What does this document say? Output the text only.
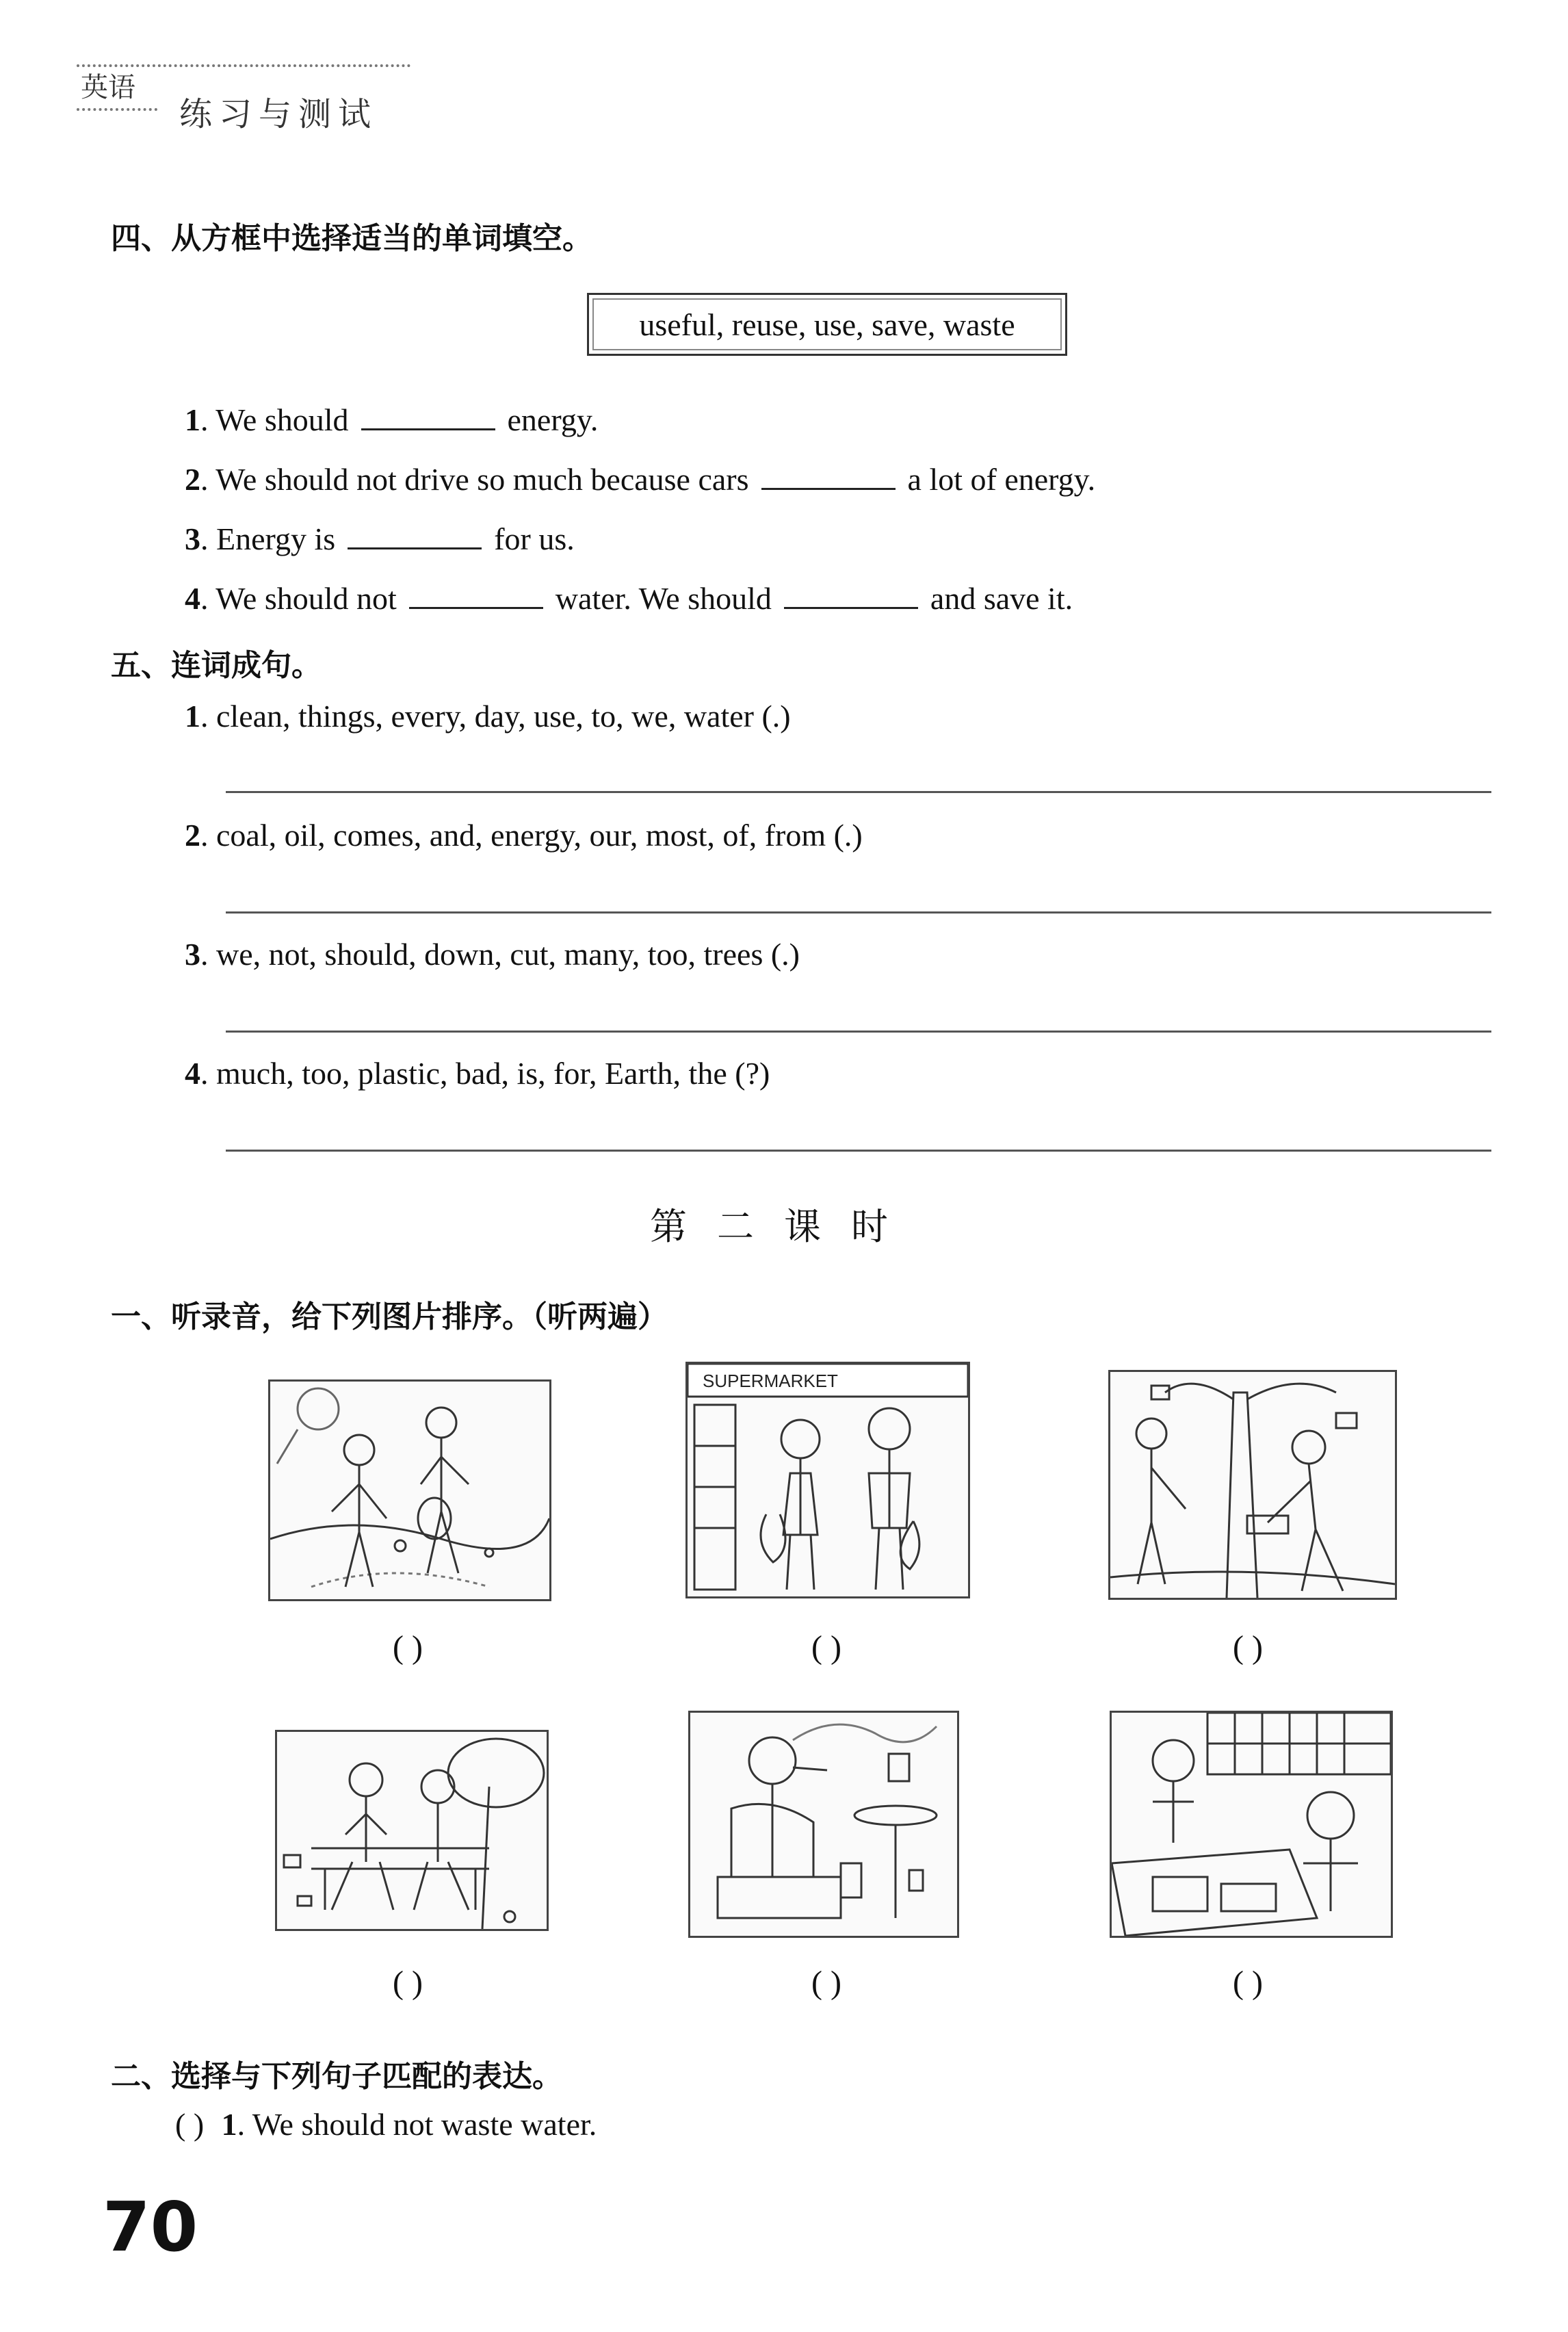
英语
练习与测试
四、从方框中选择适当的单词填空。
useful, reuse, use, save, waste
1. We should	energy.
2. We should not drive so much because cars	a lot of energy.
3. Energy is	for us.
4. We should not	water. We should	and save it.
五、连词成句。
1. clean, things, every, day, use, to, we, water (.)
2. coal, oil, comes, and, energy, our, most, of, from (.)
3. we, not, should, down, cut, many, too, trees (.)
4. much, too, plastic, bad, is, for, Earth, the (?)
第二课时
一、听录音，给下列图片排序。（听两遍）
( )
SUPERMARKET
( )	( )
( )	( )	( )
二、选择与下列句子匹配的表达。
( ) 1. We should not waste water.
70
